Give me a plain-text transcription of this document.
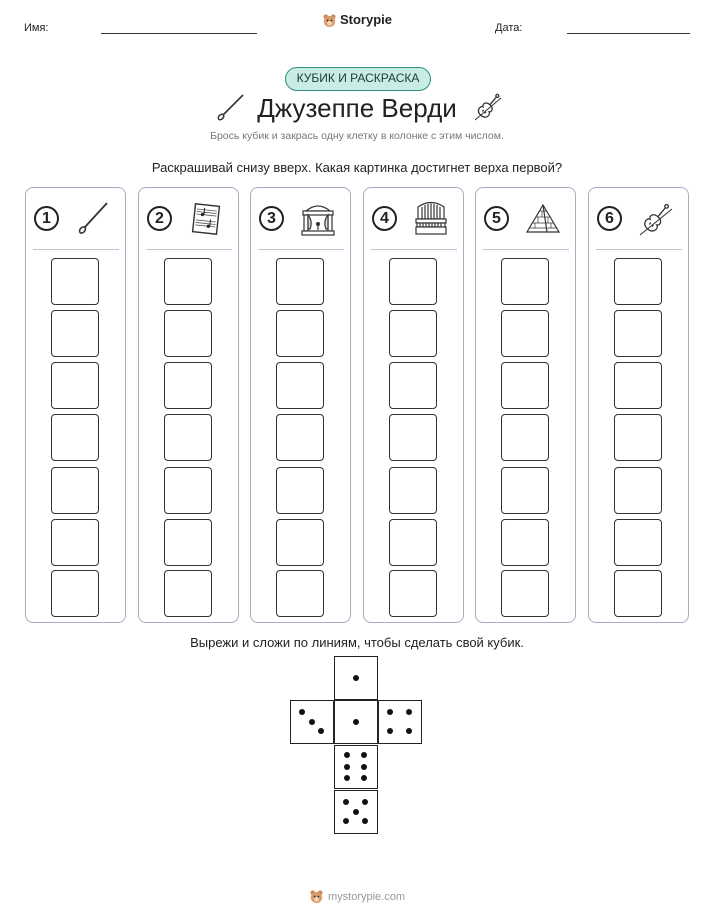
Имя:
Storypie
Дата:
КУБИК И РАСКРАСКА
Джузеппе Верди
Брось кубик и закрась одну клетку в колонке с этим числом.
Раскрашивай снизу вверх. Какая картинка достигнет верха первой?
1	2	3	4	5	6
Вырежи и сложи по линиям, чтобы сделать свой кубик.
mystorypie.com
